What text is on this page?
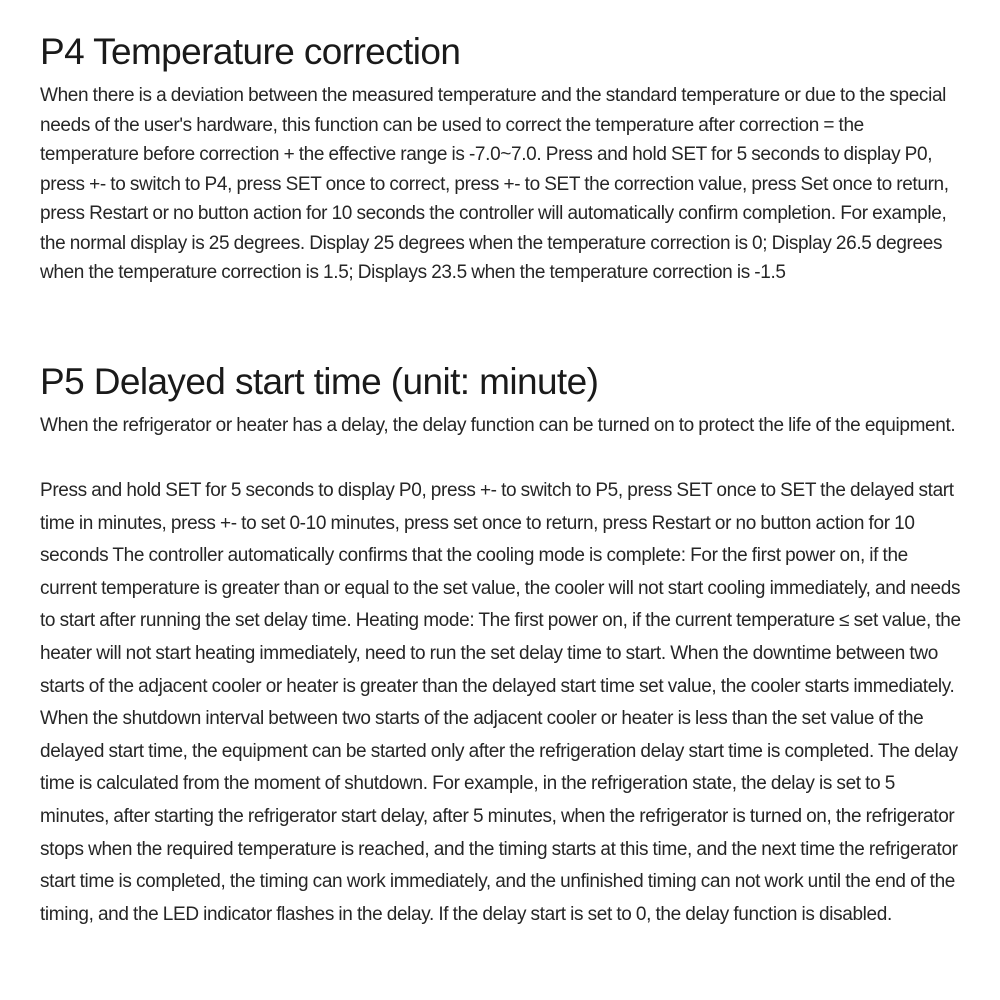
P4 Temperature correction

When there is a deviation between the measured temperature and the standard temperature or due to the special needs of the user's hardware, this function can be used to correct the temperature after correction = the temperature before correction + the effective range is -7.0~7.0. Press and hold SET for 5 seconds to display P0, press +- to switch to P4, press SET once to correct, press +- to SET the correction value, press Set once to return, press Restart or no button action for 10 seconds the controller will automatically confirm completion. For example, the normal display is 25 degrees. Display 25 degrees when the temperature correction is 0; Display 26.5 degrees when the temperature correction is 1.5; Displays 23.5 when the temperature correction is -1.5

P5 Delayed start time (unit: minute)

When the refrigerator or heater has a delay, the delay function can be turned on to protect the life of the equipment.

Press and hold SET for 5 seconds to display P0, press +- to switch to P5, press SET once to SET the delayed start time in minutes, press +- to set 0-10 minutes, press set once to return, press Restart or no button action for 10 seconds The controller automatically confirms that the cooling mode is complete: For the first power on, if the current temperature is greater than or equal to the set value, the cooler will not start cooling immediately, and needs to start after running the set delay time. Heating mode: The first power on, if the current temperature ≤ set value, the heater will not start heating immediately, need to run the set delay time to start. When the downtime between two starts of the adjacent cooler or heater is greater than the delayed start time set value, the cooler starts immediately. When the shutdown interval between two starts of the adjacent cooler or heater is less than the set value of the delayed start time, the equipment can be started only after the refrigeration delay start time is completed. The delay time is calculated from the moment of shutdown. For example, in the refrigeration state, the delay is set to 5 minutes, after starting the refrigerator start delay, after 5 minutes, when the refrigerator is turned on, the refrigerator stops when the required temperature is reached, and the timing starts at this time, and the next time the refrigerator start time is completed, the timing can work immediately, and the unfinished timing can not work until the end of the timing, and the LED indicator flashes in the delay. If the delay start is set to 0, the delay function is disabled.
